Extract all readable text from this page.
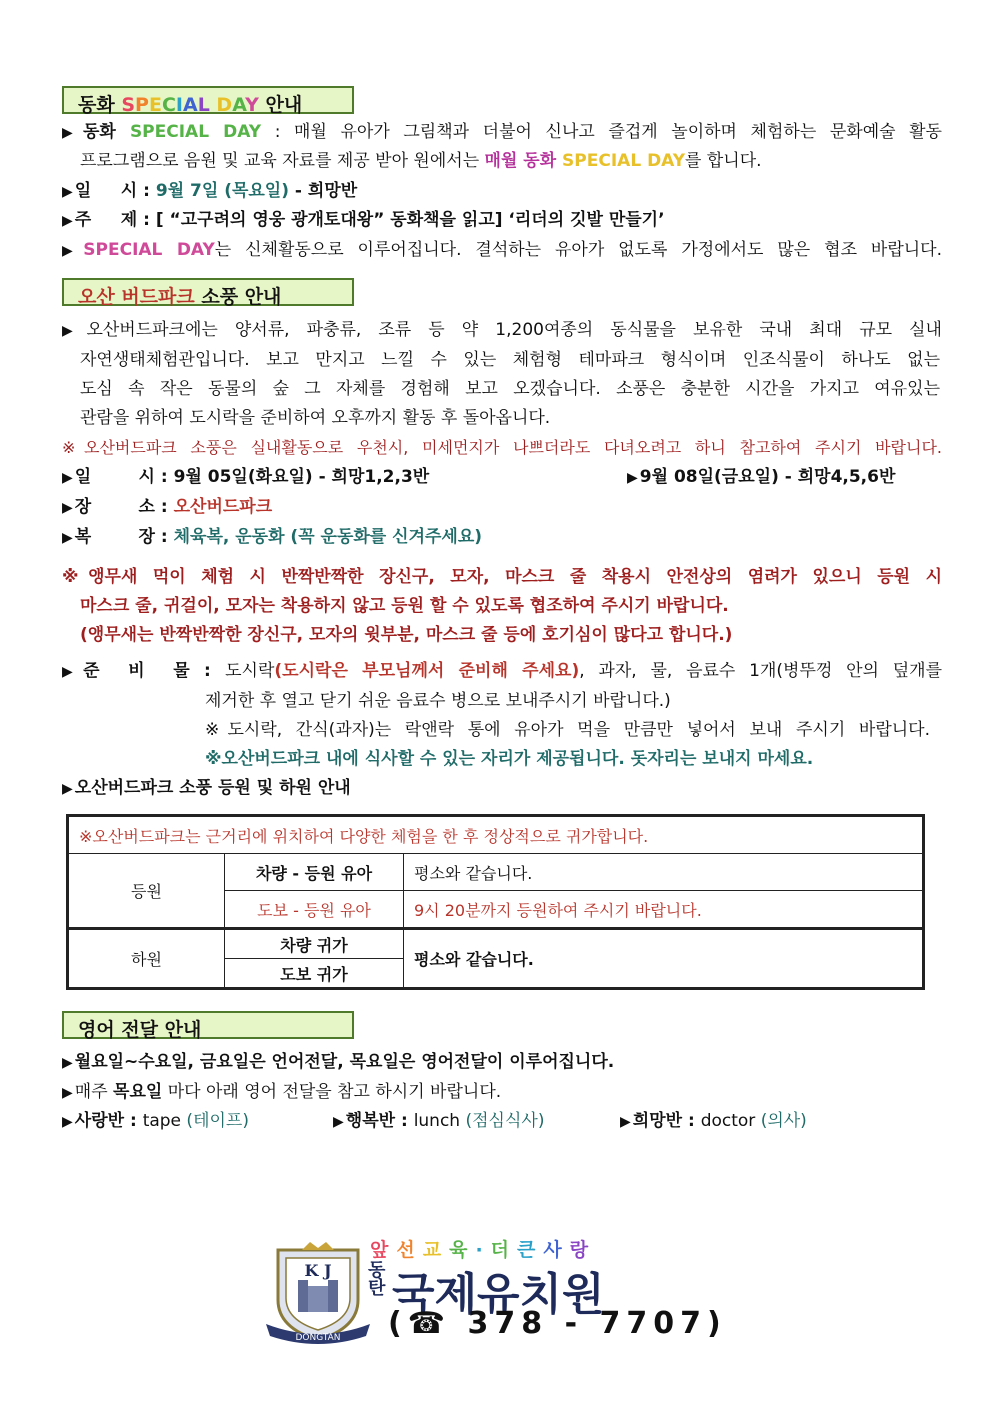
동화 SPECIAL DAY 안내
▶ 동화 SPECIAL DAY : 매월 유아가 그림책과 더불어 신나고 즐겁게 놀이하며 체험하는 문화예술 활동
프로그램으로 음원 및 교육 자료를 제공 받아 원에서는 매월 동화 SPECIAL DAY를 합니다.
▶ 일     시 : 9월 7일 (목요일) - 희망반
▶ 주     제 : [ “고구려의 영웅 광개토대왕” 동화책을 읽고] ‘리더의 깃발 만들기’
▶ SPECIAL DAY는 신체활동으로 이루어집니다. 결석하는 유아가 없도록 가정에서도 많은 협조 바랍니다.
오산 버드파크 소풍 안내
▶ 오산버드파크에는 양서류, 파충류, 조류 등 약 1,200여종의 동식물을 보유한 국내 최대 규모 실내
자연생태체험관입니다. 보고 만지고 느낄 수 있는 체험형 테마파크 형식이며 인조식물이 하나도 없는
도심 속 작은 동물의 숲 그 자체를 경험해 보고 오겠습니다. 소풍은 충분한 시간을 가지고 여유있는
관람을 위하여 도시락을 준비하여 오후까지 활동 후 돌아옵니다.
※오산버드파크 소풍은 실내활동으로 우천시, 미세먼지가 나쁘더라도 다녀오려고 하니 참고하여 주시기 바랍니다.
▶ 일        시 : 9월 05일(화요일) - 희망1,2,3반	▶ 9월 08일(금요일) - 희망4,5,6반
▶ 장        소 : 오산버드파크
▶ 복        장 : 체육복, 운동화 (꼭 운동화를 신겨주세요)
※앵무새 먹이 체험 시 반짝반짝한 장신구, 모자, 마스크 줄 착용시 안전상의 염려가 있으니 등원 시
마스크 줄, 귀걸이, 모자는 착용하지 않고 등원 할 수 있도록 협조하여 주시기 바랍니다.
(앵무새는 반짝반짝한 장신구, 모자의 윗부분, 마스크 줄 등에 호기심이 많다고 합니다.)
▶ 준  비  물 : 도시락(도시락은 부모님께서 준비해 주세요), 과자, 물, 음료수 1개(병뚜껑 안의 덮개를
제거한 후 열고 닫기 쉬운 음료수 병으로 보내주시기 바랍니다.)
※도시락, 간식(과자)는 락앤락 통에 유아가 먹을 만큼만 넣어서 보내 주시기 바랍니다.
※오산버드파크 내에 식사할 수 있는 자리가 제공됩니다. 돗자리는 보내지 마세요.
▶ 오산버드파크 소풍 등원 및 하원 안내
※오산버드파크는 근거리에 위치하여 다양한 체험을 한 후 정상적으로 귀가합니다.		
등원	차량 - 등원 유아	평소와 같습니다.
	도보 - 등원 유아	9시 20분까지 등원하여 주시기 바랍니다.
하원	차량 귀가	평소와 같습니다.
	도보 귀가	
영어 전달 안내
▶ 월요일~수요일, 금요일은 언어전달, 목요일은 영어전달이 이루어집니다.
▶ 매주 목요일 마다 아래 영어 전달을 참고 하시기 바랍니다.
▶ 사랑반 : tape (테이프)	▶ 행복반 : lunch (점심식사)	▶ 희망반 : doctor (의사)
DONGTAN
K J
앞선교육·더큰사랑
동탄 국제유치원
(☎ 378 - 7707)
